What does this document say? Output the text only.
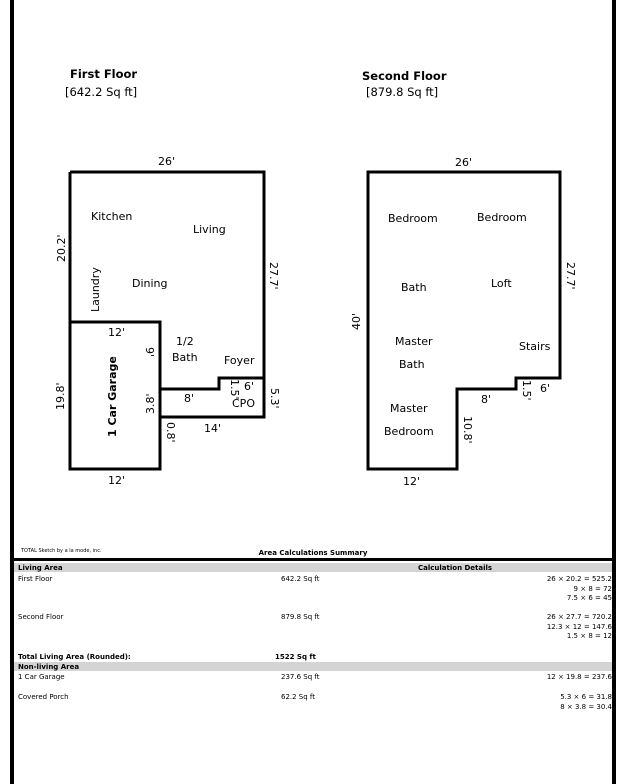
First Floor
[642.2 Sq ft]
26'
20.2'
27.7'
19.8'
12'
12'
9'
3.8' 8'	1.5' 6'
5.3'
0.8' 14'
Kitchen
Living
Dining
Laundry
1/2
Bath Foyer
CPO
1 Car Garage
Second Floor
[879.8 Sq ft]
26'
40'
27.7'
6'
1.5'
8'
10.8'
12'
Bedroom	Bedroom
Bath	Loft
Master
Bath
Stairs
Master
Bedroom
TOTAL Sketch by a la mode, inc.	Area Calculations Summary
Living Area	Calculation Details
First Floor	642.2 Sq ft	26 × 20.2 = 525.2
9 × 8 = 72
7.5 × 6 = 45
Second Floor	879.8 Sq ft	26 × 27.7 = 720.2
12.3 × 12 = 147.6
1.5 × 8 = 12
Total Living Area (Rounded):	1522 Sq ft
Non-living Area
1 Car Garage	237.6 Sq ft	12 × 19.8 = 237.6
Covered Porch	62.2 Sq ft	5.3 × 6 = 31.8
8 × 3.8 = 30.4
